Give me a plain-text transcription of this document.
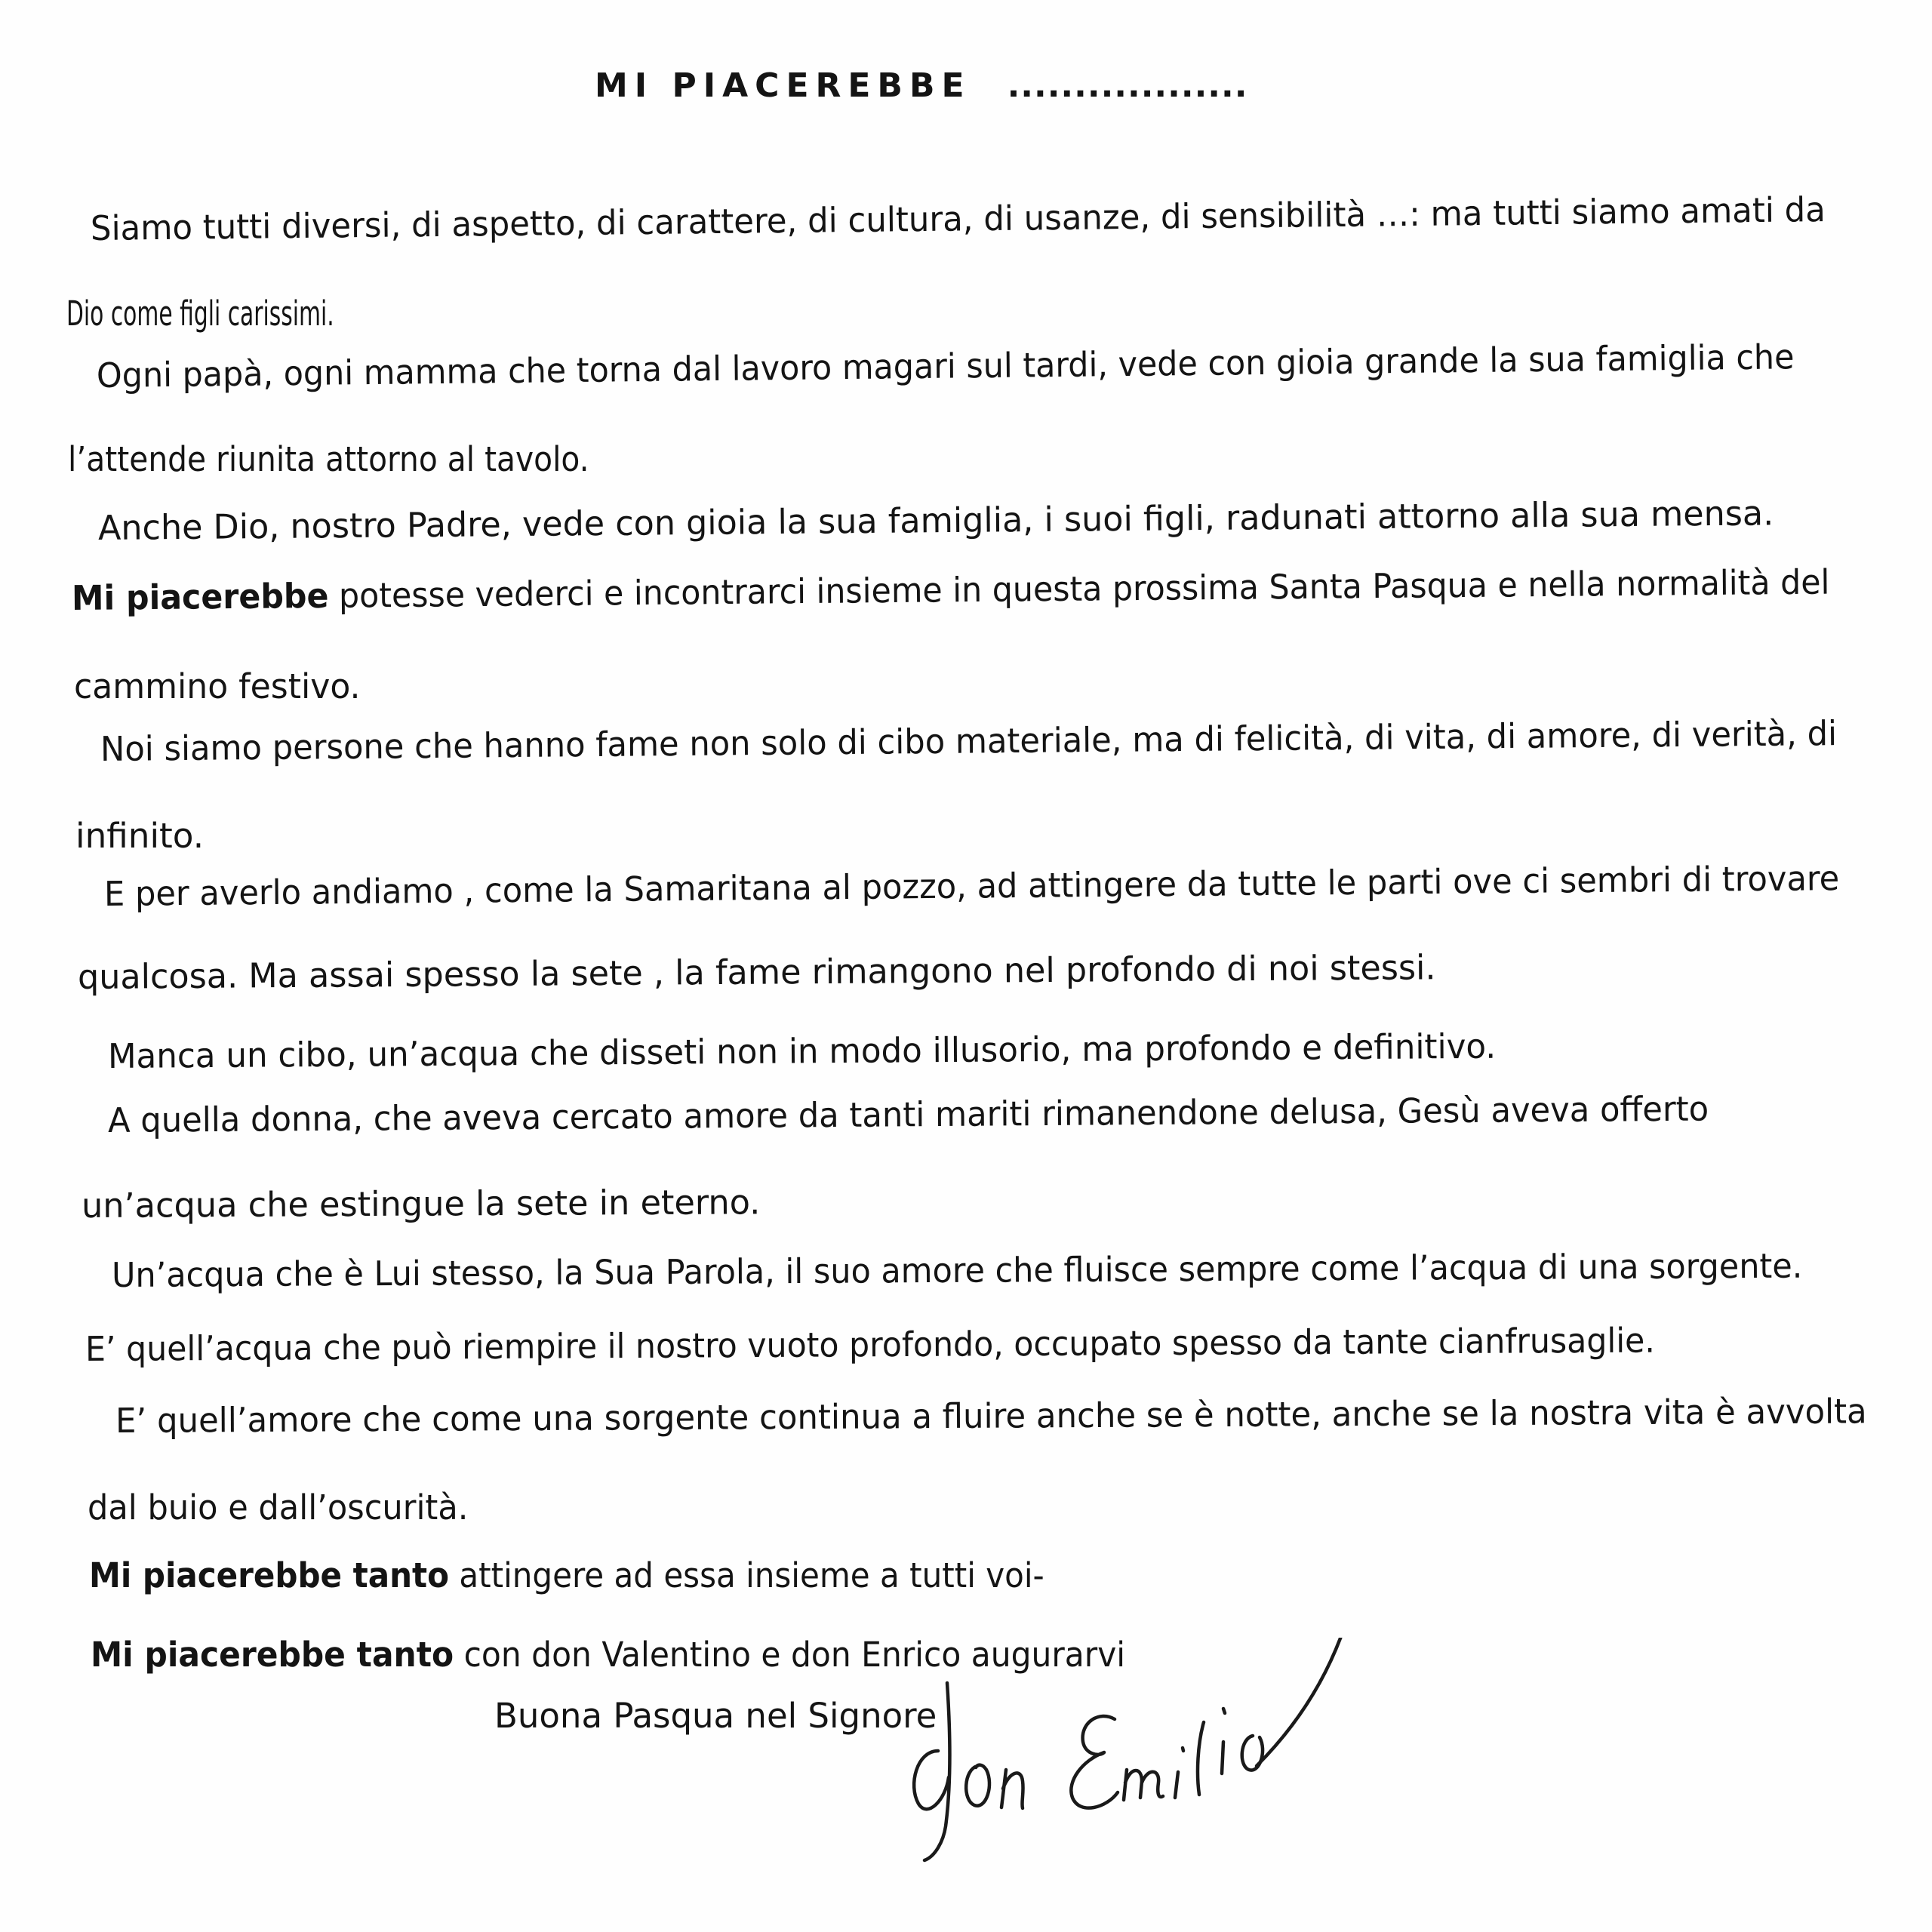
MI PIACEREBBE ..................
Siamo tutti diversi, di aspetto, di carattere, di cultura, di usanze, di sensibilità …: ma tutti siamo amati da
Dio come figli carissimi.
Ogni papà, ogni mamma che torna dal lavoro magari sul tardi, vede con gioia grande la sua famiglia che
l’attende riunita attorno al tavolo.
Anche Dio, nostro Padre, vede con gioia la sua famiglia, i suoi figli, radunati attorno alla sua mensa.
Mi piacerebbe potesse vederci e incontrarci insieme in questa prossima Santa Pasqua e nella normalità del
cammino festivo.
Noi siamo persone che hanno fame non solo di cibo materiale, ma di felicità, di vita, di amore, di verità, di
infinito.
E per averlo andiamo , come la Samaritana al pozzo, ad attingere da tutte le parti ove ci sembri di trovare
qualcosa. Ma assai spesso la sete , la fame rimangono nel profondo di noi stessi.
Manca un cibo, un’acqua che disseti non in modo illusorio, ma profondo e definitivo.
A quella donna, che aveva cercato amore da tanti mariti rimanendone delusa, Gesù aveva offerto
un’acqua che estingue la sete in eterno.
Un’acqua che è Lui stesso, la Sua Parola, il suo amore che fluisce sempre come l’acqua di una sorgente.
E’ quell’acqua che può riempire il nostro vuoto profondo, occupato spesso da tante cianfrusaglie.
E’ quell’amore che come una sorgente continua a fluire anche se è notte, anche se la nostra vita è avvolta
dal buio e dall’oscurità.
Mi piacerebbe tanto attingere ad essa insieme a tutti voi-
Mi piacerebbe tanto con don Valentino e don Enrico augurarvi
Buona Pasqua nel Signore
